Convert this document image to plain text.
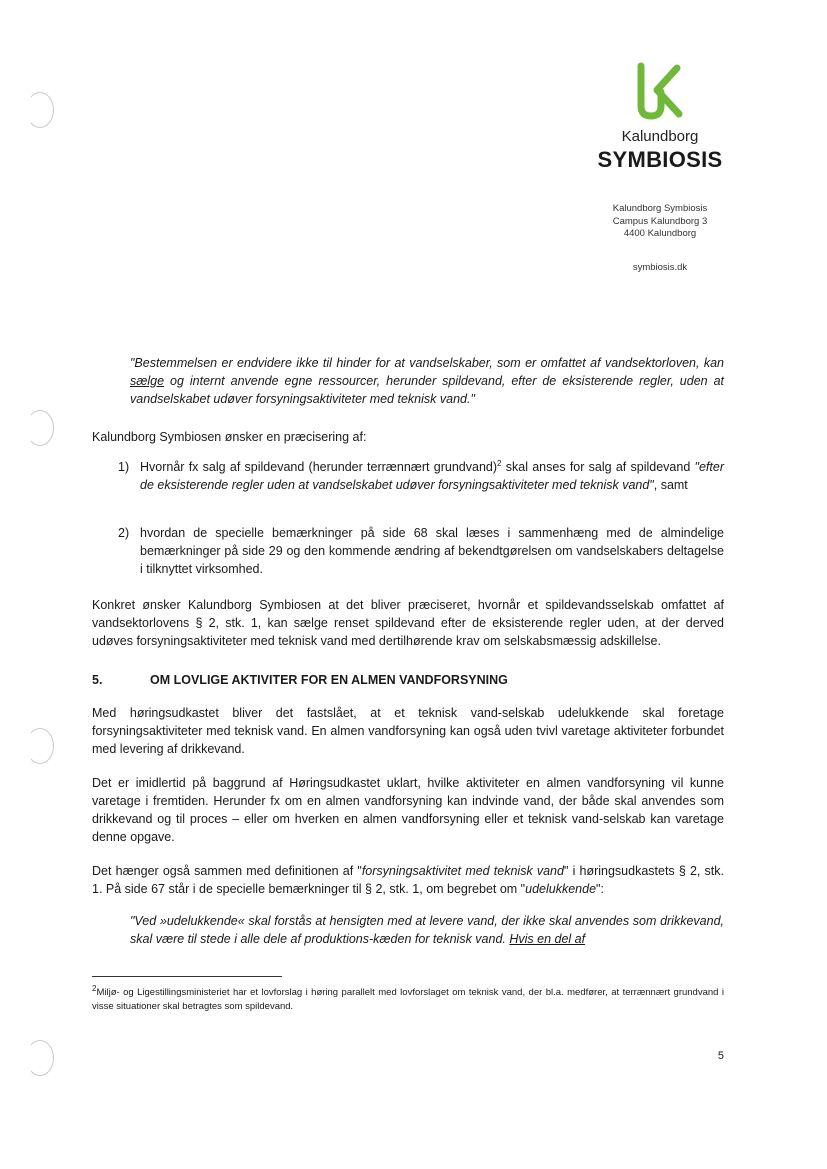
Kalundborg
SYMBIOSIS
Kalundborg Symbiosis
Campus Kalundborg 3
4400 Kalundborg
symbiosis.dk
"Bestemmelsen er endvidere ikke til hinder for at vandselskaber, som er omfattet af vandsektorloven, kan sælge og internt anvende egne ressourcer, herunder spildevand, efter de eksisterende regler, uden at vandselskabet udøver forsyningsaktiviteter med teknisk vand."
Kalundborg Symbiosen ønsker en præcisering af:
1) Hvornår fx salg af spildevand (herunder terrænnært grundvand)$^2$ skal anses for salg af spildevand "efter de eksisterende regler uden at vandselskabet udøver forsyningsaktiviteter med teknisk vand", samt
2) hvordan de specielle bemærkninger på side 68 skal læses i sammenhæng med de almindelige bemærkninger på side 29 og den kommende ændring af bekendtgørelsen om vandselskabers deltagelse i tilknyttet virksomhed.
Konkret ønsker Kalundborg Symbiosen at det bliver præciseret, hvornår et spildevandsselskab omfattet af vandsektorlovens § 2, stk. 1, kan sælge renset spildevand efter de eksisterende regler uden, at der derved udøves forsyningsaktiviteter med teknisk vand med dertilhørende krav om selskabsmæssig adskillelse.
5.	OM LOVLIGE AKTIVITER FOR EN ALMEN VANDFORSYNING
Med høringsudkastet bliver det fastslået, at et teknisk vand-selskab udelukkende skal foretage forsyningsaktiviteter med teknisk vand. En almen vandforsyning kan også uden tvivl varetage aktiviteter forbundet med levering af drikkevand.
Det er imidlertid på baggrund af Høringsudkastet uklart, hvilke aktiviteter en almen vandforsyning vil kunne varetage i fremtiden. Herunder fx om en almen vandforsyning kan indvinde vand, der både skal anvendes som drikkevand og til proces – eller om hverken en almen vandforsyning eller et teknisk vand-selskab kan varetage denne opgave.
Det hænger også sammen med definitionen af "forsyningsaktivitet med teknisk vand" i høringsudkastets § 2, stk. 1. På side 67 står i de specielle bemærkninger til § 2, stk. 1, om begrebet om "udelukkende":
"Ved »udelukkende« skal forstås at hensigten med at levere vand, der ikke skal anvendes som drikkevand, skal være til stede i alle dele af produktions-kæden for teknisk vand. Hvis en del af
$^2$Miljø- og Ligestillingsministeriet har et lovforslag i høring parallelt med lovforslaget om teknisk vand, der bl.a. medfører, at terrænnært grundvand i visse situationer skal betragtes som spildevand.
5
